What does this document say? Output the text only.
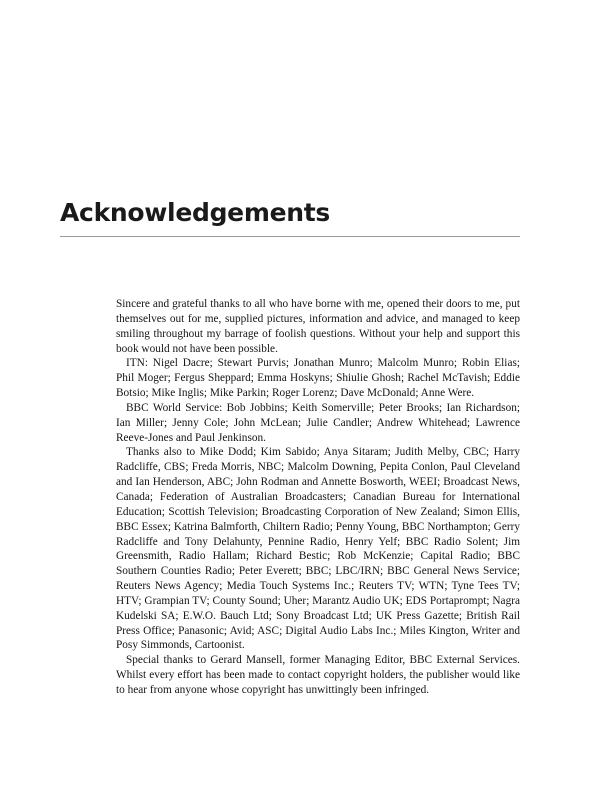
Acknowledgements

Sincere and grateful thanks to all who have borne with me, opened their doors to me, put themselves out for me, supplied pictures, information and advice, and managed to keep smiling throughout my barrage of foolish questions. Without your help and support this book would not have been possible.

ITN: Nigel Dacre; Stewart Purvis; Jonathan Munro; Malcolm Munro; Robin Elias; Phil Moger; Fergus Sheppard; Emma Hoskyns; Shiulie Ghosh; Rachel McTavish; Eddie Botsio; Mike Inglis; Mike Parkin; Roger Lorenz; Dave McDonald; Anne Were.

BBC World Service: Bob Jobbins; Keith Somerville; Peter Brooks; Ian Richardson; Ian Miller; Jenny Cole; John McLean; Julie Candler; Andrew Whitehead; Lawrence Reeve-Jones and Paul Jenkinson.

Thanks also to Mike Dodd; Kim Sabido; Anya Sitaram; Judith Melby, CBC; Harry Radcliffe, CBS; Freda Morris, NBC; Malcolm Downing, Pepita Conlon, Paul Cleveland and Ian Henderson, ABC; John Rodman and Annette Bosworth, WEEI; Broadcast News, Canada; Federation of Australian Broadcasters; Canadian Bureau for International Education; Scottish Television; Broadcasting Corporation of New Zealand; Simon Ellis, BBC Essex; Katrina Balmforth, Chiltern Radio; Penny Young, BBC Northampton; Gerry Radcliffe and Tony Delahunty, Pennine Radio, Henry Yelf; BBC Radio Solent; Jim Greensmith, Radio Hallam; Richard Bestic; Rob McKenzie; Capital Radio; BBC Southern Counties Radio; Peter Everett; BBC; LBC/IRN; BBC General News Service; Reuters News Agency; Media Touch Systems Inc.; Reuters TV; WTN; Tyne Tees TV; HTV; Grampian TV; County Sound; Uher; Marantz Audio UK; EDS Portaprompt; Nagra Kudelski SA; E.W.O. Bauch Ltd; Sony Broadcast Ltd; UK Press Gazette; British Rail Press Office; Panasonic; Avid; ASC; Digital Audio Labs Inc.; Miles Kington, Writer and Posy Simmonds, Cartoonist.

Special thanks to Gerard Mansell, former Managing Editor, BBC External Services. Whilst every effort has been made to contact copyright holders, the publisher would like to hear from anyone whose copyright has unwittingly been infringed.
